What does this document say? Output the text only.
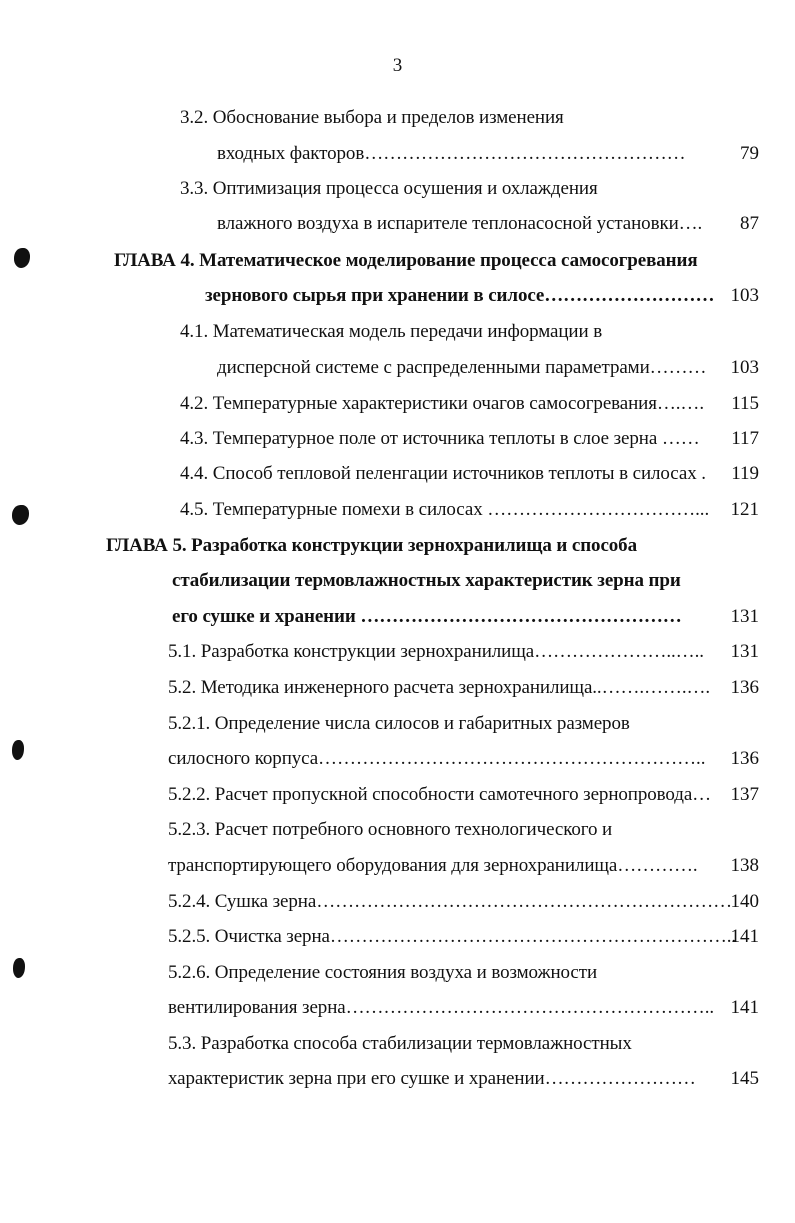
3
3.2. Обоснование выбора и пределов изменения
входных факторов……………………………………………	79
3.3. Оптимизация процесса осушения и охлаждения
влажного воздуха в испарителе теплонасосной установки…. 87
ГЛАВА 4. Математическое моделирование процесса самосогревания
зернового сырья при хранении в силосе……………………… 103
4.1. Математическая модель передачи информации в
дисперсной системе с распределенными параметрами……… 103
4.2. Температурные характеристики очагов самосогревания….…. 115
4.3. Температурное поле от источника теплоты в слое зерна …… 117
4.4. Способ тепловой пеленгации источников теплоты в силосах . 119
4.5. Температурные помехи в силосах ……………………………... 121
ГЛАВА 5. Разработка конструкции зернохранилища и способа
стабилизации термовлажностных характеристик зерна при
его сушке и хранении ……………………………………………	131
5.1. Разработка конструкции зернохранилища…………………..….. 131
5.2. Методика инженерного расчета зернохранилища..…….…….…. 136
5.2.1. Определение числа силосов и габаритных размеров
силосного корпуса…………………………………………………….. 136
5.2.2. Расчет пропускной способности самотечного зернопровода… 137
5.2.3. Расчет потребного основного технологического и
транспортирующего оборудования для зернохранилища…………. 138
5.2.4. Сушка зерна…………………………………………………………
140
5.2.5. Очистка зерна………………………………………………………..
141
5.2.6. Определение состояния воздуха и возможности
вентилирования зерна………………………………………………….. 141
5.3. Разработка способа стабилизации термовлажностных
характеристик зерна при его сушке и хранении…………………… 145
